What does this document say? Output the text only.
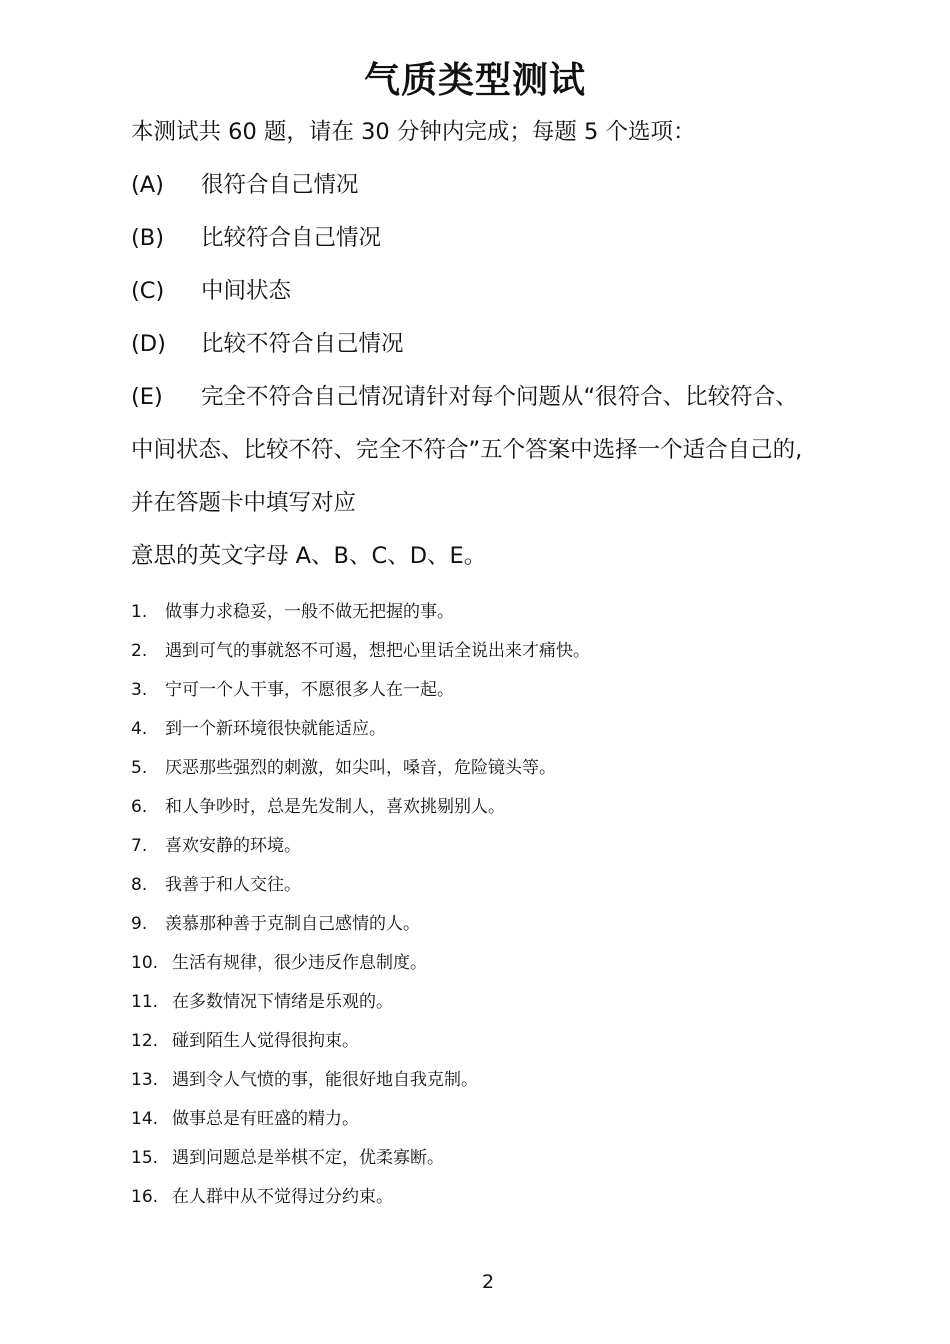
气质类型测试
本测试共 60 题，请在 30 分钟内完成；每题 5 个选项：
(A) 很符合自己情况
(B) 比较符合自己情况
(C) 中间状态
(D) 比较不符合自己情况
(E) 完全不符合自己情况请针对每个问题从“很符合、比较符合、
中间状态、比较不符、完全不符合”五个答案中选择一个适合自己的,
并在答题卡中填写对应
意思的英文字母 A、B、C、D、E。
1. 做事力求稳妥，一般不做无把握的事。
2. 遇到可气的事就怒不可遏，想把心里话全说出来才痛快。
3. 宁可一个人干事，不愿很多人在一起。
4. 到一个新环境很快就能适应。
5. 厌恶那些强烈的刺激，如尖叫，嗓音，危险镜头等。
6. 和人争吵时，总是先发制人，喜欢挑剔别人。
7. 喜欢安静的环境。
8. 我善于和人交往。
9. 羡慕那种善于克制自己感情的人。
10. 生活有规律，很少违反作息制度。
11. 在多数情况下情绪是乐观的。
12. 碰到陌生人觉得很拘束。
13. 遇到令人气愤的事，能很好地自我克制。
14. 做事总是有旺盛的精力。
15. 遇到问题总是举棋不定，优柔寡断。
16. 在人群中从不觉得过分约束。
2
